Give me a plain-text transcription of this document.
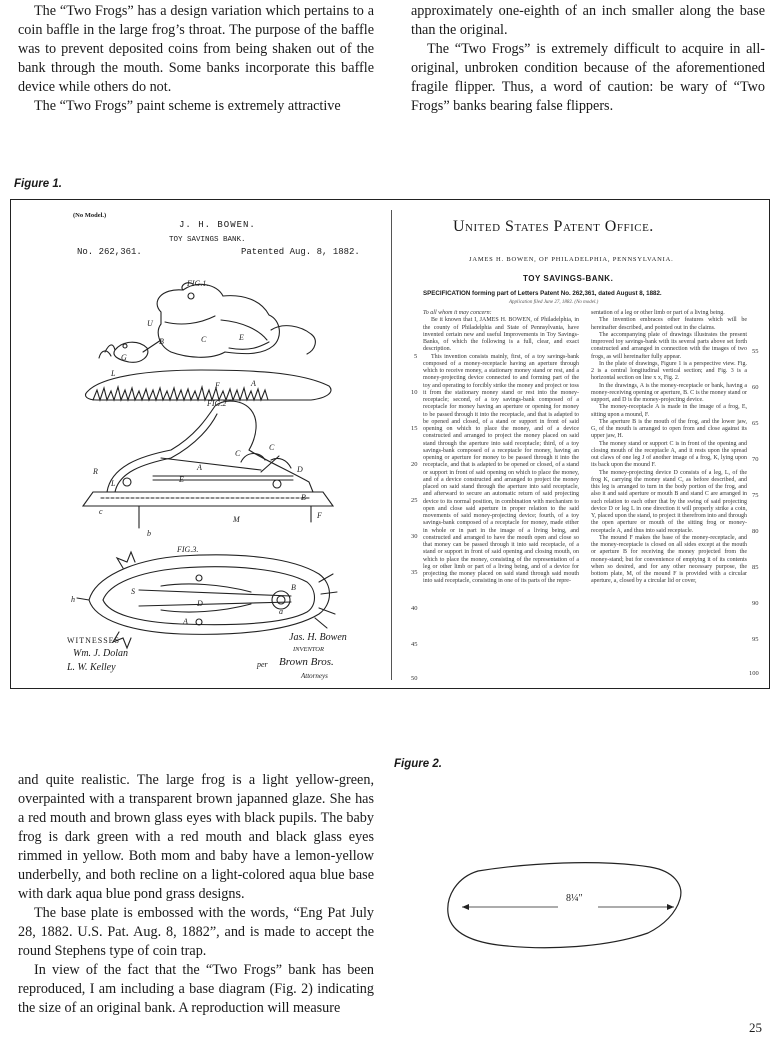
The “Two Frogs” has a design variation which pertains to a coin baffle in the large frog’s throat. The purpose of the baffle was to prevent deposited coins from being shaken out of the bank through the mouth. Some banks incorporate this baffle device while others do not.

The “Two Frogs” paint scheme is extremely attractive

approximately one-eighth of an inch smaller along the base than the original.

The “Two Frogs” is extremely difficult to acquire in all-original, unbroken condition because of the aforementioned fragile flipper. Thus, a word of caution: be wary of “Two Frogs” banks bearing false flippers.

Figure 1.
(No Model.)
J. H. BOWEN.
TOY SAVINGS BANK.
No. 262,361.	Patented Aug. 8, 1882.
FIG.1.
FIG.2
FIG.3.
U
B	C	E
A
L
G
F
E
A
C
C
D
R
L
B
c
b
M	F
S
D
A
B
h
a
WITNESSES
Wm. J. Dolan
L. W. Kelley
Jas. H. Bowen
INVENTOR
per Brown Bros.
Attorneys
United States Patent Office.
JAMES H. BOWEN, OF PHILADELPHIA, PENNSYLVANIA.
TOY SAVINGS-BANK.
SPECIFICATION forming part of Letters Patent No. 262,361, dated August 8, 1882.
Application filed June 27, 1882. (No model.)

To all whom it may concern:

Be it known that I, JAMES H. BOWEN, of Philadelphia, in the county of Philadelphia and State of Pennsylvania, have invented certain new and useful Improvements in Toy Savings-Banks, of which the following is a full, clear, and exact description.

This invention consists mainly, first, of a toy savings-bank composed of a money-receptacle having an aperture through which to receive money, a stationary money stand or rest, and a money-projecting device connected to and forming part of the toy and operating to forcibly strike the money and project or toss it from the stationary money stand or rest into the money-receptacle; second, of a toy savings-bank composed of a receptacle for money having an aperture or opening for money to be passed through it into the receptacle, and that is adapted to be opened and closed, of a stand or support in front of said opening on which to place the money, and of a device constructed and arranged to project the money placed on said stand through the aperture into said receptacle; third, of a toy savings-bank composed of a receptacle for money, having an opening or aperture for money to be passed through it into the receptacle, and that is adapted to be opened or closed, of a stand or support in front of said opening on which to place the money, and of a device constructed and arranged to project the money placed on said stand through the aperture into said receptacle, and afterward to secure an automatic return of said projecting device to its normal position, in combination with mechanism to open and close said aperture in proper relation to the said movements of said money-projecting device; fourth, of a toy savings-bank composed of a receptacle for money, made either in whole or in part in the image of a living being, and constructed and arranged to have the mouth open and close so that money can be passed through it into said receptacle, of a stand or support in front of said opening and closing mouth, on which to place the money, consisting of the representation of a leg or other limb or part of a living being, and of a device for projecting the money placed on said stand through said mouth into said receptacle, consisting in one of its parts of the repre-

sentation of a leg or other limb or part of a living being.

The invention embraces other features which will be hereinafter described, and pointed out in the claims.

The accompanying plate of drawings illustrates the present improved toy savings-bank with its several parts above set forth constructed and arranged in connection with the images of two frogs, as will hereinafter fully appear.

In the plate of drawings, Figure 1 is a perspective view. Fig. 2 is a central longitudinal vertical section; and Fig. 3 is a horizontal section on line x x, Fig. 2.

In the drawings, A is the money-receptacle or bank, having a money-receiving opening or aperture, B. C is the money stand or support, and D is the money-projecting device.

The money-receptacle A is made in the image of a frog, E, sitting upon a mound, F.

The aperture B is the mouth of the frog, and the lower jaw, G, of the mouth is arranged to open from and close against its upper jaw, H.

The money stand or support C is in front of the opening and closing mouth of the receptacle A, and it rests upon the spread out claws of one leg J of another image of a frog, K, lying upon its back upon the mound F.

The money-projecting device D consists of a leg, L, of the frog K, carrying the money stand C, as before described, and this leg is arranged to turn in the body portion of the frog, and also it and said aperture or mouth B and stand C are arranged in such relation to each other that by the swing of said projecting device D or leg L in one direction it will properly strike a coin, Y, placed upon the stand, to project it therefrom into and through the open aperture or mouth of the sitting frog or money-receptacle A, and thus into said receptacle.

The mound F makes the base of the money-receptacle, and the money-receptacle is closed on all sides except at the mouth or aperture B for receiving the money projected from the money-stand; but for convenience of emptying it of its contents when so desired, and for any other necessary purpose, the bottom plate, M, of the mound F is provided with a circular aperture, a, closed by a circular lid or cover,

5
10
15
20
25
30
35
40
45
50
55
60
65
70
75
80
85
90
95
100
Figure 2.
8¼″

and quite realistic. The large frog is a light yellow-green, overpainted with a transparent brown japanned glaze. She has a red mouth and brown glass eyes with black pupils. The baby frog is dark green with a red mouth and black glass eyes rimmed in yellow. Both mom and baby have a lemon-yellow underbelly, and both recline on a light-colored aqua blue base with dark aqua blue pond grass designs.

The base plate is embossed with the words, “Eng Pat July 28, 1882. U.S. Pat. Aug. 8, 1882”, and is made to accept the round Stephens type of coin trap.

In view of the fact that the “Two Frogs” bank has been reproduced, I am including a base diagram (Fig. 2) indicating the size of an original bank. A reproduction will measure

25
